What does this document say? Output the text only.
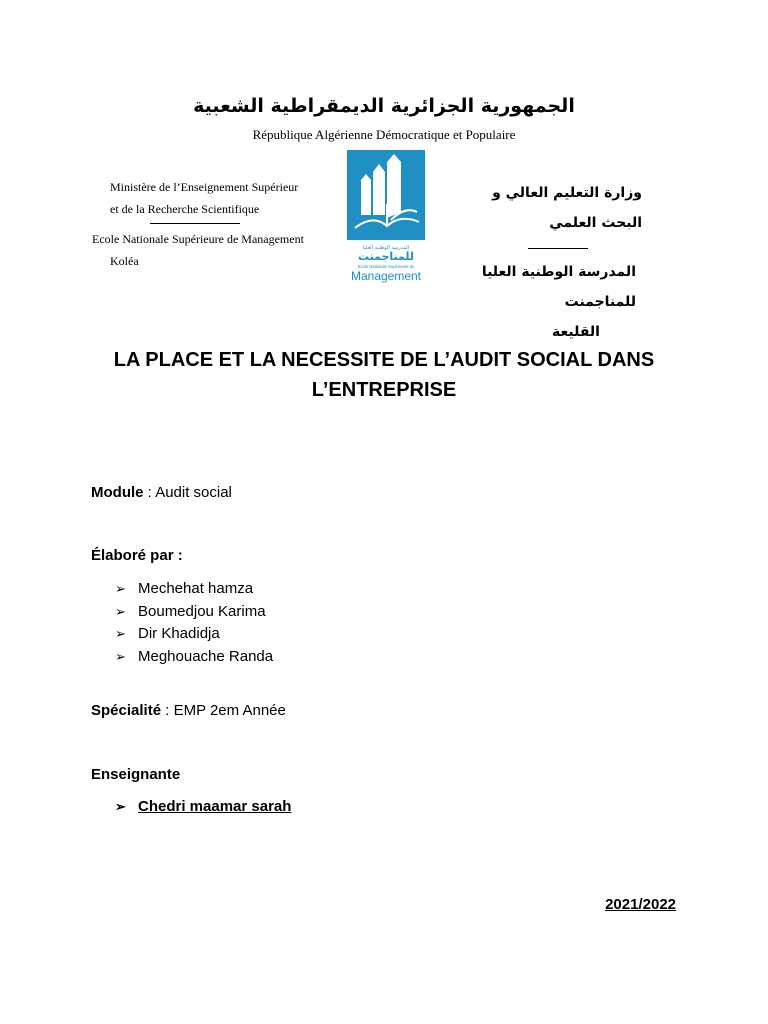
الجمهورية الجزائرية الديمقراطية الشعبية
République Algérienne Démocratique et Populaire
Ministère de l’Enseignement Supérieur
et de la Recherche Scientifique
Ecole Nationale Supérieure de Management
Koléa
المدرسة الوطنية العليا
للمناجمنت
Ecole Nationale Supérieure de
Management
وزارة التعليم العالي و البحث العلمي
المدرسة الوطنية العليا للمناجمنت
القليعة
LA PLACE ET LA NECESSITE DE L’AUDIT SOCIAL DANS
L’ENTREPRISE
Module : Audit social
Élaboré par :
➢ Mechehat hamza
➢ Boumedjou Karima
➢ Dir Khadidja
➢ Meghouache Randa
Spécialité : EMP 2em Année
Enseignante
➢ Chedri maamar sarah
2021/2022
